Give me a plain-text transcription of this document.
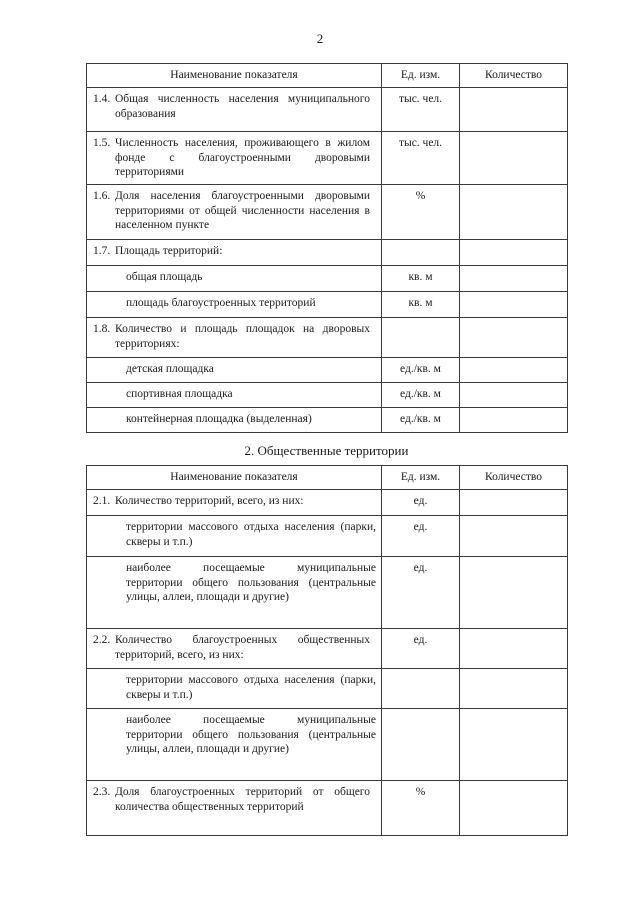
2
Наименование показателя	Ед. изм.	Количество
1.4. Общая численность населения муниципального образования	тыс. чел.	
1.5. Численность населения, проживающего в жилом фонде с благоустроенными дворовыми территориями	тыс. чел.	
1.6. Доля населения благоустроенными дворовыми территориями от общей численности населения в населенном пункте	%	
1.7. Площадь территорий:		
общая площадь	кв. м	
площадь благоустроенных территорий	кв. м	
1.8. Количество и площадь площадок на дворовых территориях:		
детская площадка	ед./кв. м	
спортивная площадка	ед./кв. м	
контейнерная площадка (выделенная)	ед./кв. м	
2. Общественные территории
Наименование показателя	Ед. изм.	Количество
2.1. Количество территорий, всего, из них:	ед.	
территории массового отдыха населения (парки, скверы и т.п.)	ед.	
наиболее посещаемые муниципальные территории общего пользования (центральные улицы, аллеи, площади и другие)	ед.	
2.2. Количество благоустроенных общественных территорий, всего, из них:	ед.	
территории массового отдыха населения (парки, скверы и т.п.)		
наиболее посещаемые муниципальные территории общего пользования (центральные улицы, аллеи, площади и другие)		
2.3. Доля благоустроенных территорий от общего количества общественных территорий	%	
